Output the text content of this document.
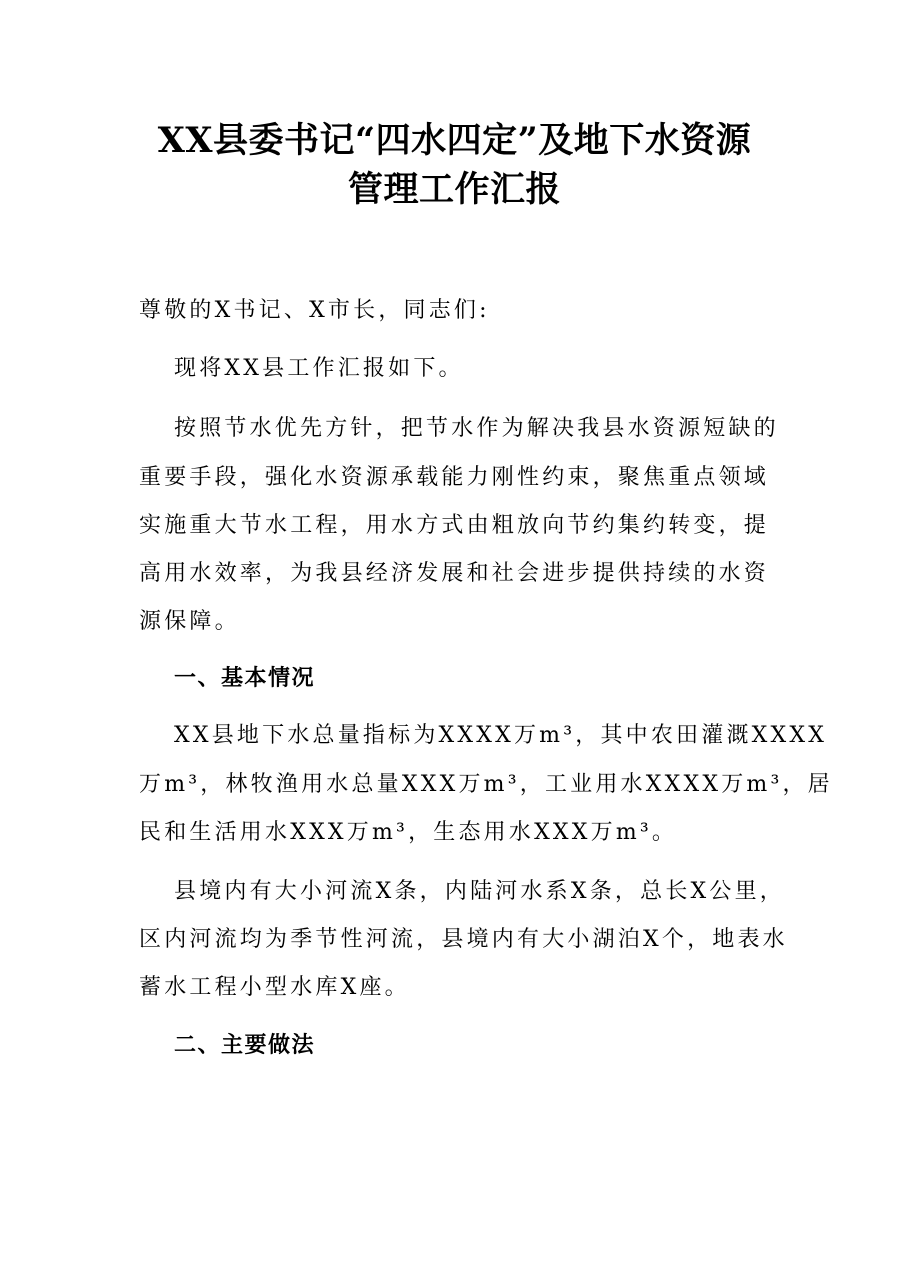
XX县委书记“四水四定”及地下水资源
管理工作汇报
尊敬的X书记、X市长，同志们:
现将XX县工作汇报如下。
按照节水优先方针，把节水作为解决我县水资源短缺的
重要手段，强化水资源承载能力刚性约束，聚焦重点领域
实施重大节水工程，用水方式由粗放向节约集约转变，提
高用水效率，为我县经济发展和社会进步提供持续的水资
源保障。
一、基本情况
XX县地下水总量指标为XXXX万m³，其中农田灌溉XXXX
万m³，林牧渔用水总量XXX万m³，工业用水XXXX万m³，居
民和生活用水XXX万m³，生态用水XXX万m³。
县境内有大小河流X条，内陆河水系X条，总长X公里，
区内河流均为季节性河流，县境内有大小湖泊X个，地表水
蓄水工程小型水库X座。
二、主要做法
